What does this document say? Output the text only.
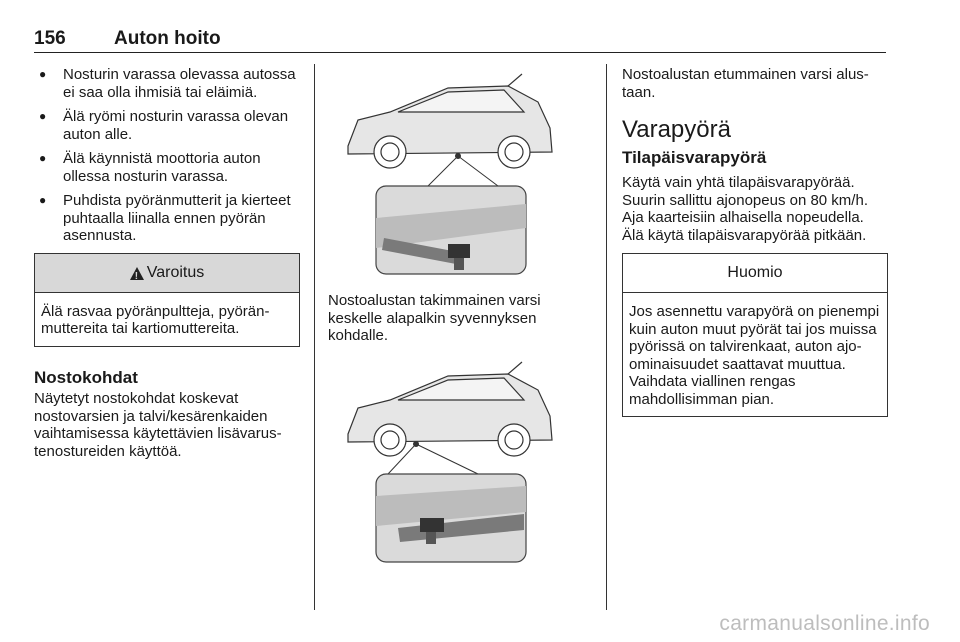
156	Auton hoito
● Nosturin varassa olevassa autossa ei saa olla ihmisiä tai eläimiä.
● Älä ryömi nosturin varassa olevan auton alle.
● Älä käynnistä moottoria auton ollessa nosturin varassa.
● Puhdista pyöränmutterit ja kierteet puhtaalla liinalla ennen pyörän asennusta.
!
Varoitus
Älä rasvaa pyöränpultteja, pyöränmuttereita tai kartiomuttereita.

Nostokohdat

Näytetyt nostokohdat koskevat nostovarsien ja talvi/kesärenkaiden vaihtamisessa käytettävien lisävarustenostureiden käyttöä.

Nostoalustan takimmainen varsi keskelle alapalkin syvennyksen kohdalle.

Nostoalustan etummainen varsi alustaan.

Varapyörä

Tilapäisvarapyörä

Käytä vain yhtä tilapäisvarapyörää. Suurin sallittu ajonopeus on 80 km/h. Aja kaarteisiin alhaisella nopeudella. Älä käytä tilapäisvarapyörää pitkään.

Huomio
Jos asennettu varapyörä on pienempi kuin auton muut pyörät tai jos muissa pyörissä on talvirenkaat, auton ajo-ominaisuudet saattavat muuttua. Vaihdata viallinen rengas mahdollisimman pian.
carmanualsonline.info
